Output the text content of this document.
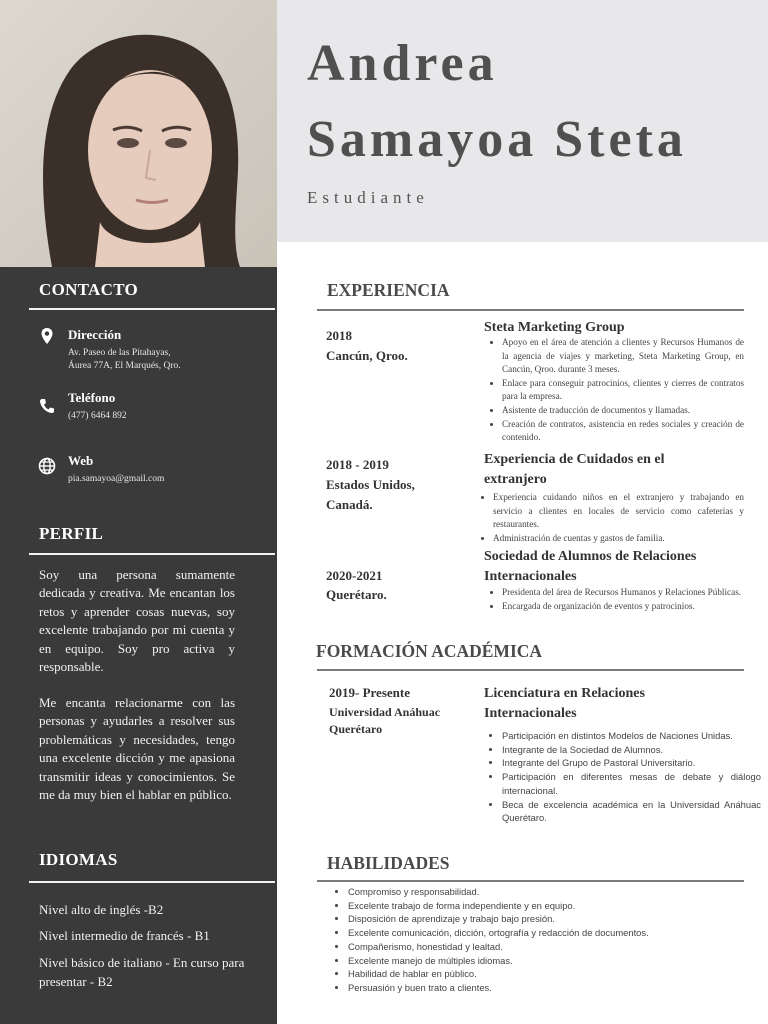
Andrea
Samayoa Steta
Estudiante
CONTACTO
Dirección
Av. Paseo de las Pitahayas,
Áurea 77A, El Marqués, Qro.
Teléfono
(477) 6464 892
Web
pia.samayoa@gmail.com
PERFIL
Soy una persona sumamente dedicada y creativa. Me encantan los retos y aprender cosas nuevas, soy excelente trabajando por mi cuenta y en equipo. Soy pro activa y responsable.
Me encanta relacionarme con las personas y ayudarles a resolver sus problemáticas y necesidades, tengo una excelente dicción y me apasiona transmitir ideas y conocimientos. Se me da muy bien el hablar en público.
IDIOMAS
Nivel alto de inglés -B2
Nivel intermedio de francés - B1
Nivel básico de italiano - En curso para presentar - B2
EXPERIENCIA
2018
Cancún, Qroo.
Steta Marketing Group
• Apoyo en el área de atención a clientes y Recursos Humanos de la agencia de viajes y marketing, Steta Marketing Group, en Cancún, Qroo. durante 3 meses.
• Enlace para conseguir patrocinios, clientes y cierres de contratos para la empresa.
• Asistente de traducción de documentos y llamadas.
• Creación de contratos, asistencia en redes sociales y creación de contenido.
2018 - 2019
Estados Unidos, Canadá.
Experiencia de Cuidados en el extranjero
• Experiencia cuidando niños en el extranjero y trabajando en servicio a clientes en locales de servicio como cafeterías y restaurantes.
• Administración de cuentas y gastos de familia.
2020-2021
Querétaro.
Sociedad de Alumnos de Relaciones Internacionales
• Presidenta del área de Recursos Humanos y Relaciones Públicas.
• Encargada de organización de eventos y patrocinios.
FORMACIÓN ACADÉMICA
2019- Presente
Universidad Anáhuac Querétaro
Licenciatura en Relaciones Internacionales
• Participación en distintos Modelos de Naciones Unidas.
• Integrante de la Sociedad de Alumnos.
• Integrante del Grupo de Pastoral Universitario.
• Participación en diferentes mesas de debate y diálogo internacional.
• Beca de excelencia académica en la Universidad Anáhuac Querétaro.
HABILIDADES
• Compromiso y responsabilidad.
• Excelente trabajo de forma independiente y en equipo.
• Disposición de aprendizaje y trabajo bajo presión.
• Excelente comunicación, dicción, ortografía y redacción de documentos.
• Compañerismo, honestidad y lealtad.
• Excelente manejo de múltiples idiomas.
• Habilidad de hablar en público.
• Persuasión y buen trato a clientes.
